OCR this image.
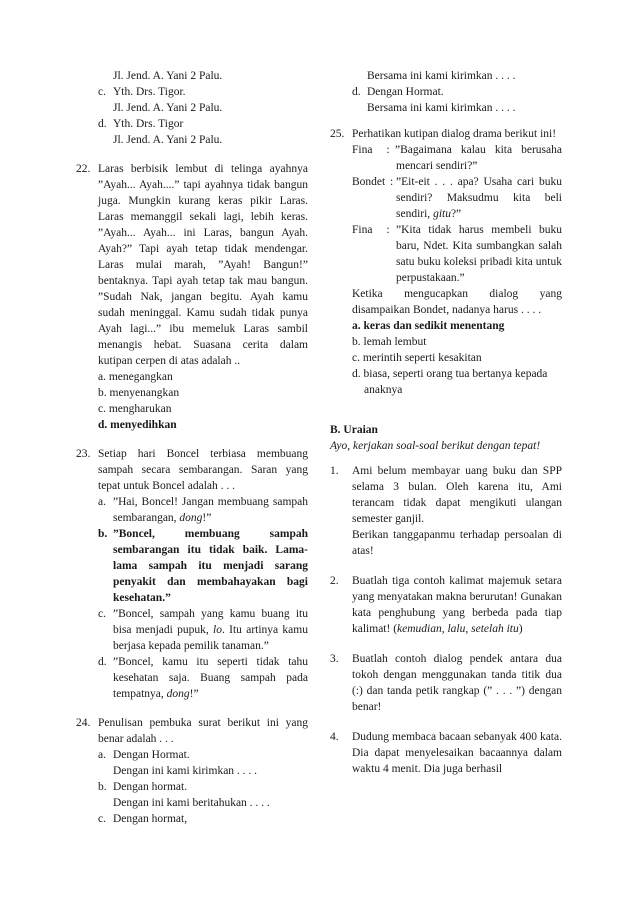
Jl. Jend. A. Yani 2 Palu.
c. Yth. Drs. Tigor.
Jl. Jend. A. Yani 2 Palu.
d. Yth. Drs. Tigor
Jl. Jend. A. Yani 2 Palu.
22. Laras berbisik lembut di telinga ayahnya ”Ayah... Ayah....” tapi ayahnya tidak bangun juga. Mungkin kurang keras pikir Laras. Laras memanggil sekali lagi, lebih keras. ”Ayah... Ayah... ini Laras, bangun Ayah. Ayah?” Tapi ayah tetap tidak mendengar. Laras mulai marah, ”Ayah! Bangun!” bentaknya. Tapi ayah tetap tak mau bangun. ”Sudah Nak, jangan begitu. Ayah kamu sudah meninggal. Kamu sudah tidak punya Ayah lagi...” ibu memeluk Laras sambil menangis hebat. Suasana cerita dalam kutipan cerpen di atas adalah ..
a. menegangkan
b. menyenangkan
c. mengharukan
d. menyedihkan
23. Setiap hari Boncel terbiasa membuang sampah secara sembarangan. Saran yang tepat untuk Boncel adalah . . .
a. ”Hai, Boncel! Jangan membuang sampah sembarangan, dong!”
b. ”Boncel, membuang sampah sembarangan itu tidak baik. Lama-lama sampah itu menjadi sarang penyakit dan membahayakan bagi kesehatan.”
c. ”Boncel, sampah yang kamu buang itu bisa menjadi pupuk, lo. Itu artinya kamu berjasa kepada pemilik tanaman.”
d. ”Boncel, kamu itu seperti tidak tahu kesehatan saja. Buang sampah pada tempatnya, dong!”
24. Penulisan pembuka surat berikut ini yang benar adalah . . .
a. Dengan Hormat.
Dengan ini kami kirimkan . . . .
b. Dengan hormat.
Dengan ini kami beritahukan . . . .
c. Dengan hormat,
Bersama ini kami kirimkan . . . .
d. Dengan Hormat.
Bersama ini kami kirimkan . . . .
25. Perhatikan kutipan dialog drama berikut ini!
Fina	: ”Bagaimana kalau kita berusaha mencari sendiri?”
Bondet : ”Eit-eit . . . apa? Usaha cari buku sendiri? Maksudmu kita beli sendiri, gitu?”
Fina	: ”Kita tidak harus membeli buku baru, Ndet. Kita sumbangkan salah satu buku koleksi pribadi kita untuk perpustakaan.”
Ketika mengucapkan dialog yang disampaikan Bondet, nadanya harus . . . .
a. keras dan sedikit menentang
b. lemah lembut
c. merintih seperti kesakitan
d. biasa, seperti orang tua bertanya kepada anaknya
B. Uraian
Ayo, kerjakan soal-soal berikut dengan tepat!
1.	Ami belum membayar uang buku dan SPP selama 3 bulan. Oleh karena itu, Ami terancam tidak dapat mengikuti ulangan semester ganjil.
Berikan tanggapanmu terhadap persoalan di atas!
2.	Buatlah tiga contoh kalimat majemuk setara yang menyatakan makna berurutan! Gunakan kata penghubung yang berbeda pada tiap kalimat! (kemudian, lalu, setelah itu)
3.	Buatlah contoh dialog pendek antara dua tokoh dengan menggunakan tanda titik dua (:) dan tanda petik rangkap (” . . . ”) dengan benar!
4.	Dudung membaca bacaan sebanyak 400 kata. Dia dapat menyelesaikan bacaannya dalam waktu 4 menit. Dia juga berhasil
